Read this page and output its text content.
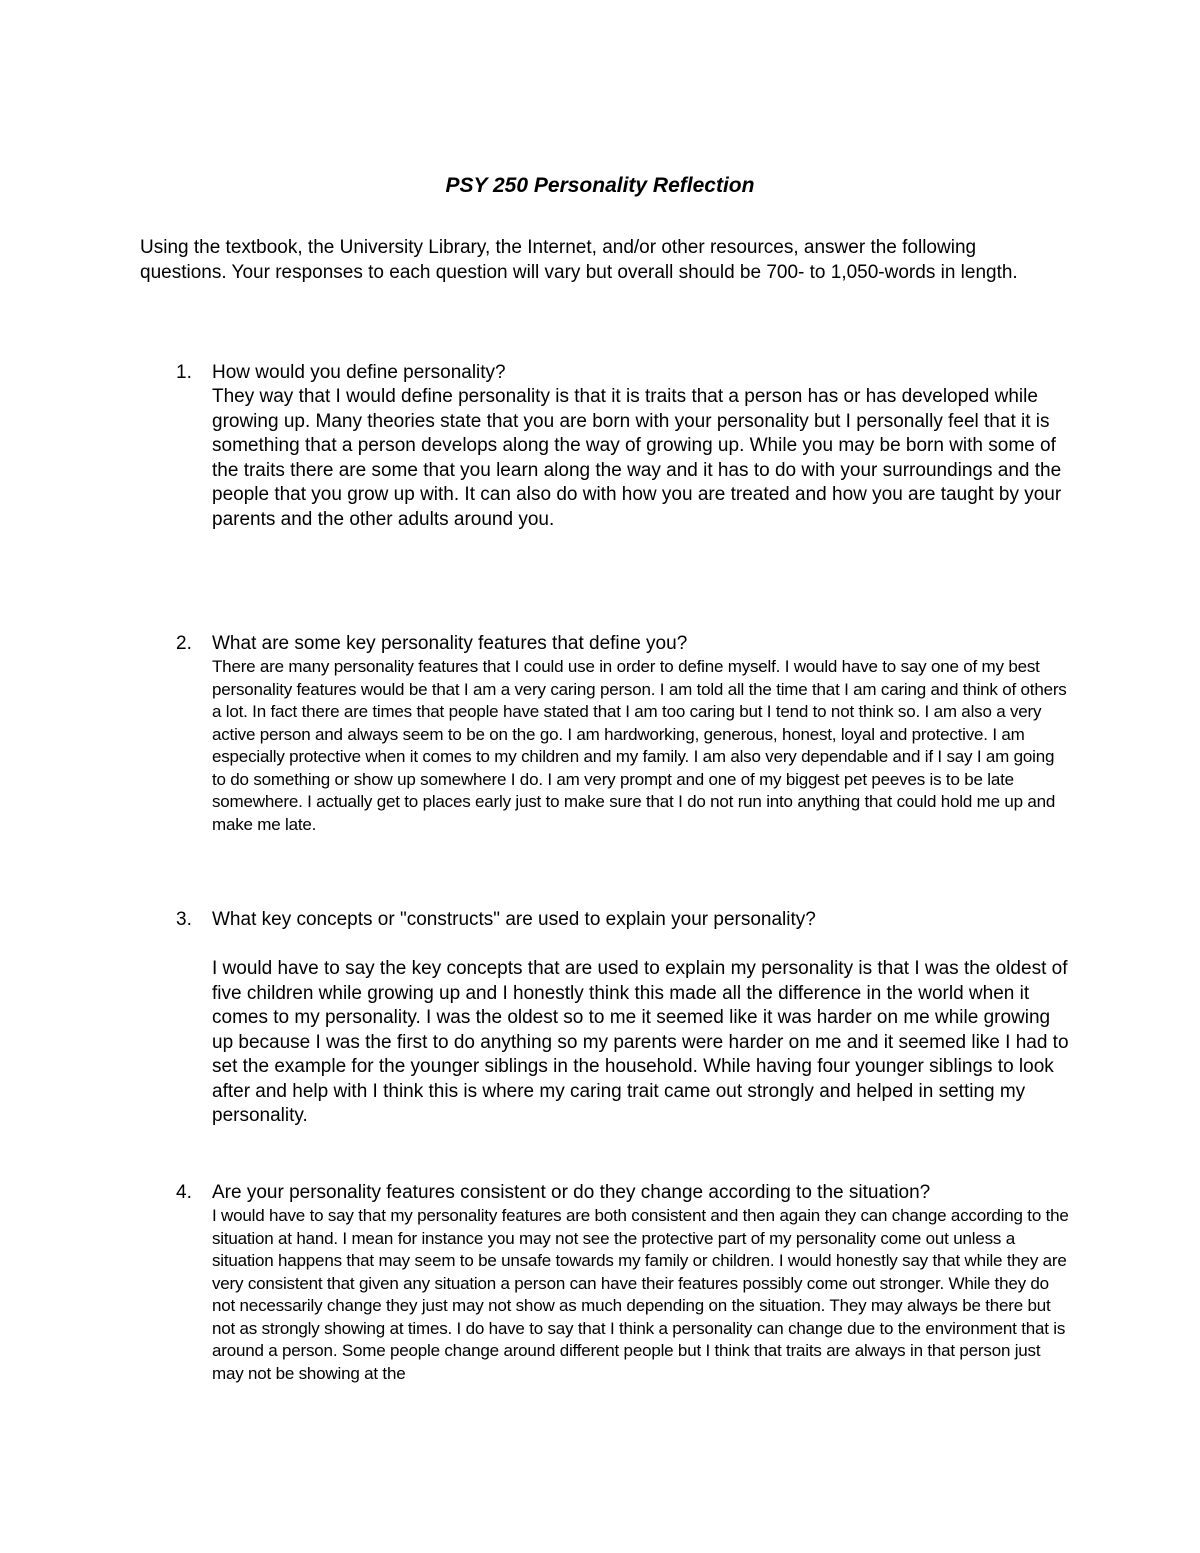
PSY 250 Personality Reflection
Using the textbook, the University Library, the Internet, and/or other resources, answer the following questions. Your responses to each question will vary but overall should be 700- to 1,050-words in length.
1. How would you define personality?
They way that I would define personality is that it is traits that a person has or has developed while growing up. Many theories state that you are born with your personality but I personally feel that it is something that a person develops along the way of growing up. While you may be born with some of the traits there are some that you learn along the way and it has to do with your surroundings and the people that you grow up with. It can also do with how you are treated and how you are taught by your parents and the other adults around you.
2. What are some key personality features that define you?
There are many personality features that I could use in order to define myself. I would have to say one of my best personality features would be that I am a very caring person. I am told all the time that I am caring and think of others a lot. In fact there are times that people have stated that I am too caring but I tend to not think so. I am also a very active person and always seem to be on the go. I am hardworking, generous, honest, loyal and protective. I am especially protective when it comes to my children and my family. I am also very dependable and if I say I am going to do something or show up somewhere I do. I am very prompt and one of my biggest pet peeves is to be late somewhere. I actually get to places early just to make sure that I do not run into anything that could hold me up and make me late.
3. What key concepts or "constructs" are used to explain your personality?
I would have to say the key concepts that are used to explain my personality is that I was the oldest of five children while growing up and I honestly think this made all the difference in the world when it comes to my personality. I was the oldest so to me it seemed like it was harder on me while growing up because I was the first to do anything so my parents were harder on me and it seemed like I had to set the example for the younger siblings in the household. While having four younger siblings to look after and help with I think this is where my caring trait came out strongly and helped in setting my personality.
4. Are your personality features consistent or do they change according to the situation?
I would have to say that my personality features are both consistent and then again they can change according to the situation at hand. I mean for instance you may not see the protective part of my personality come out unless a situation happens that may seem to be unsafe towards my family or children. I would honestly say that while they are very consistent that given any situation a person can have their features possibly come out stronger. While they do not necessarily change they just may not show as much depending on the situation. They may always be there but not as strongly showing at times. I do have to say that I think a personality can change due to the environment that is around a person. Some people change around different people but I think that traits are always in that person just may not be showing at the
